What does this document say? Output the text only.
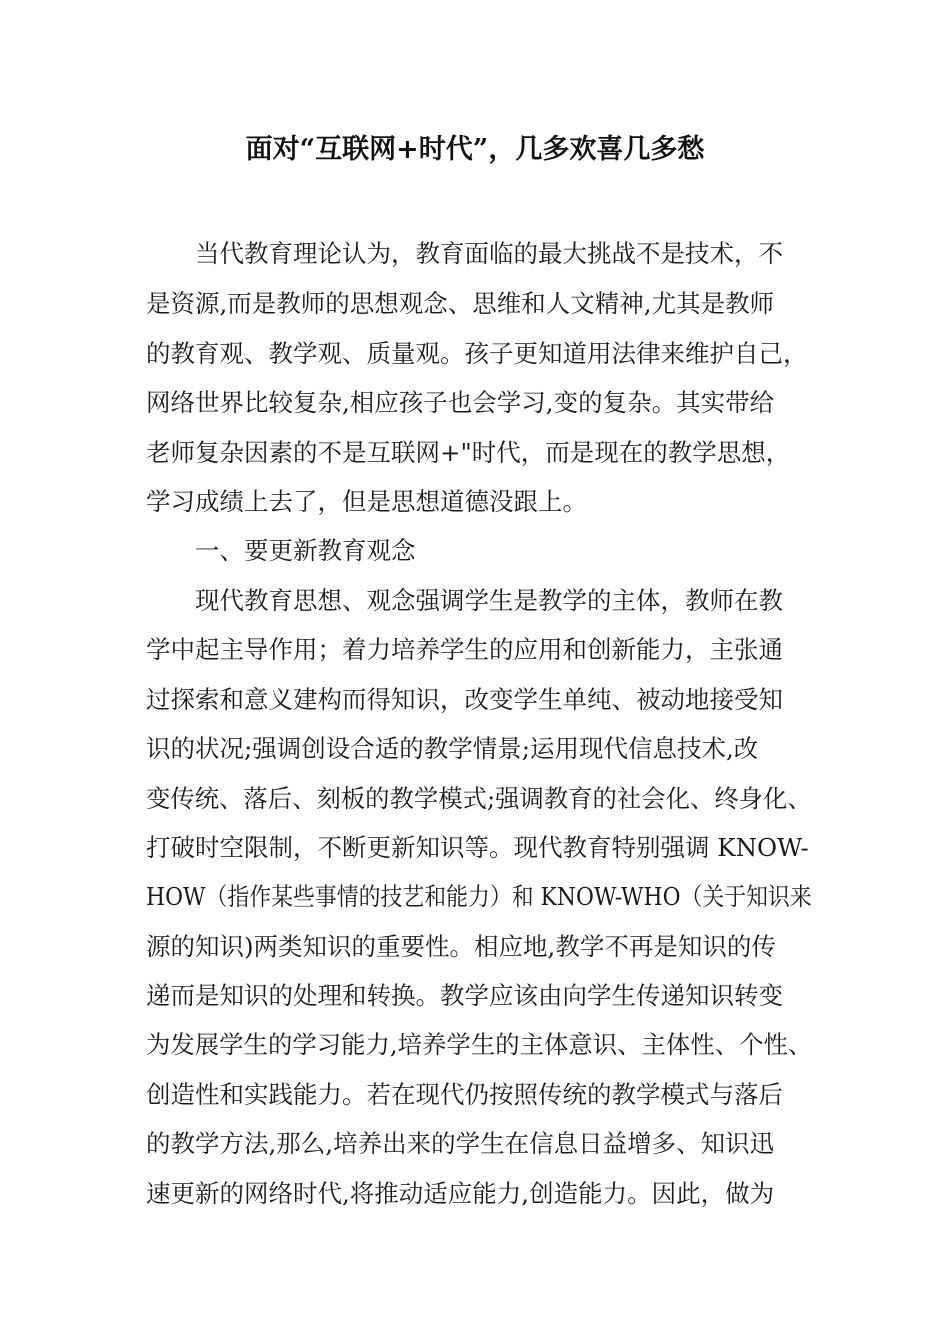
面对“互联网+时代”，几多欢喜几多愁
当代教育理论认为，教育面临的最大挑战不是技术，不
是资源,而是教师的思想观念、思维和人文精神,尤其是教师
的教育观、教学观、质量观。孩子更知道用法律来维护自己，
网络世界比较复杂,相应孩子也会学习,变的复杂。其实带给
老师复杂因素的不是互联网+"时代，而是现在的教学思想，
学习成绩上去了，但是思想道德没跟上。
一、要更新教育观念
现代教育思想、观念强调学生是教学的主体，教师在教
学中起主导作用；着力培养学生的应用和创新能力，主张通
过探索和意义建构而得知识，改变学生单纯、被动地接受知
识的状况;强调创设合适的教学情景;运用现代信息技术,改
变传统、落后、刻板的教学模式;强调教育的社会化、终身化、
打破时空限制，不断更新知识等。现代教育特别强调 KNOW-
HOW（指作某些事情的技艺和能力）和 KNOW-WHO（关于知识来
源的知识)两类知识的重要性。相应地,教学不再是知识的传
递而是知识的处理和转换。教学应该由向学生传递知识转变
为发展学生的学习能力,培养学生的主体意识、主体性、个性、
创造性和实践能力。若在现代仍按照传统的教学模式与落后
的教学方法,那么,培养出来的学生在信息日益增多、知识迅
速更新的网络时代,将推动适应能力,创造能力。因此，做为
